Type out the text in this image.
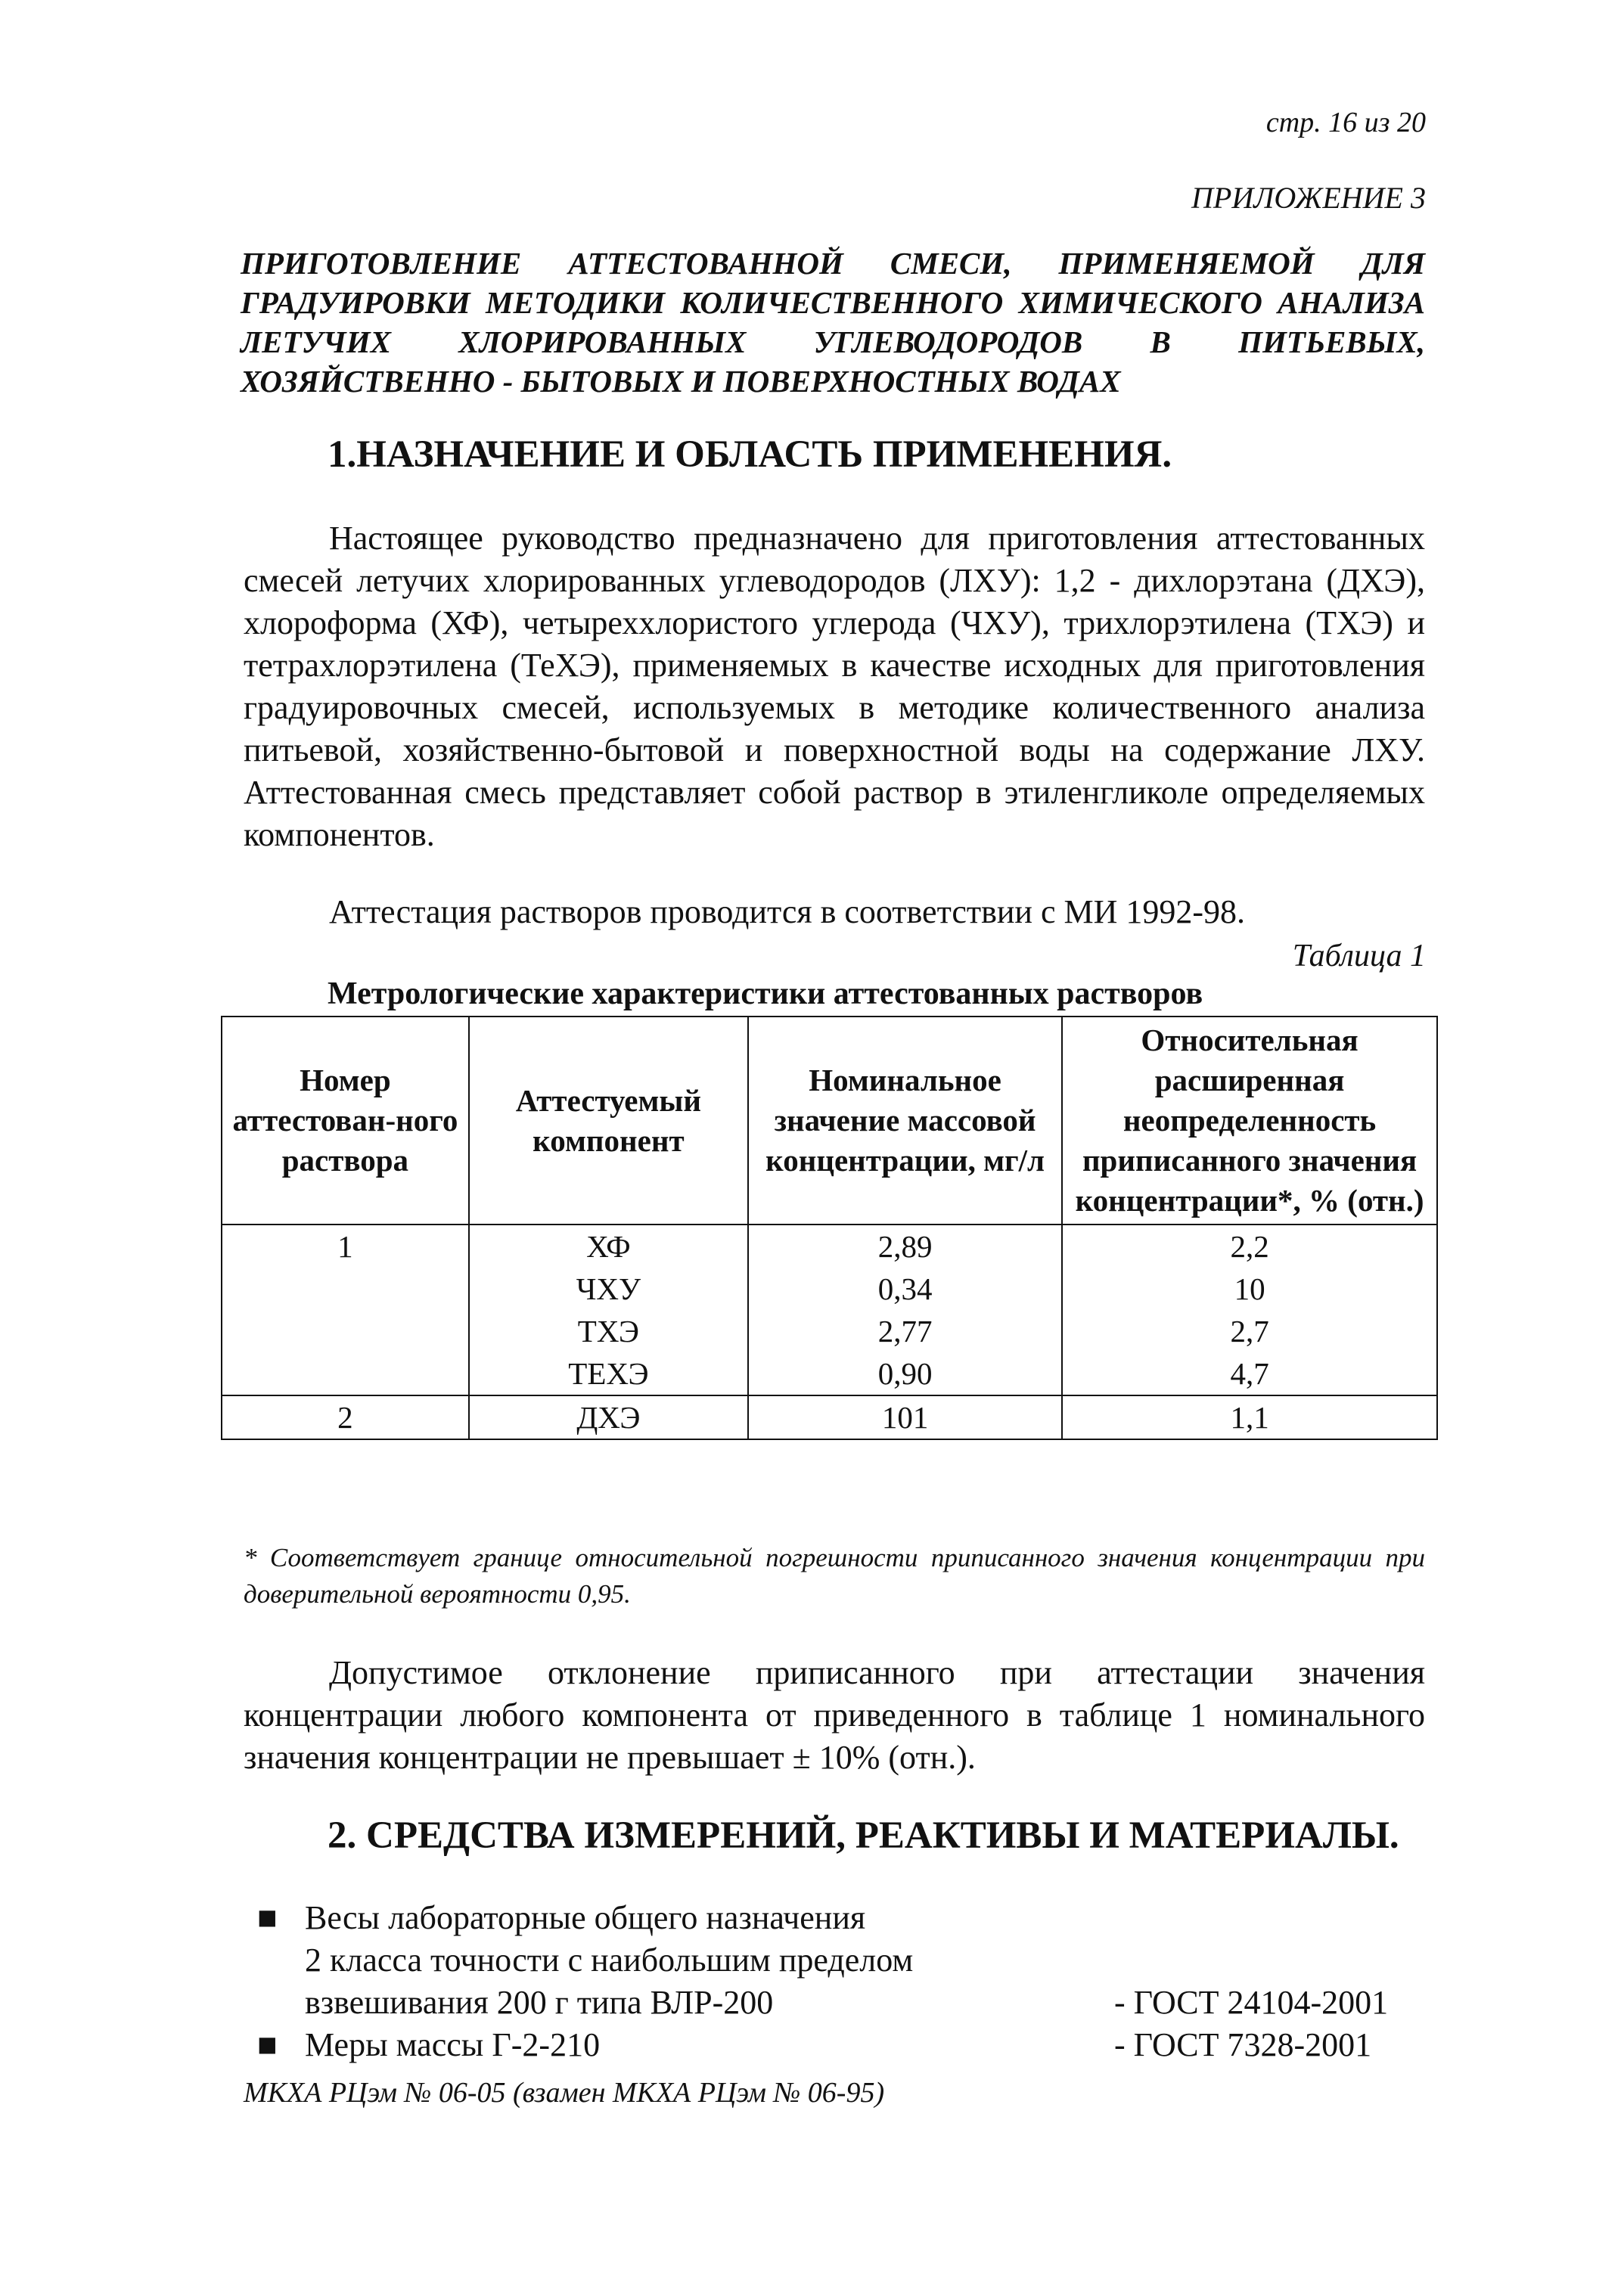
стр. 16 из 20
ПРИЛОЖЕНИЕ 3
ПРИГОТОВЛЕНИЕ АТТЕСТОВАННОЙ СМЕСИ, ПРИМЕНЯЕМОЙ ДЛЯ
ГРАДУИРОВКИ МЕТОДИКИ КОЛИЧЕСТВЕННОГО ХИМИЧЕСКОГО АНАЛИЗА
ЛЕТУЧИХ ХЛОРИРОВАННЫХ УГЛЕВОДОРОДОВ В ПИТЬЕВЫХ,
ХОЗЯЙСТВЕННО - БЫТОВЫХ И ПОВЕРХНОСТНЫХ ВОДАХ
1.НАЗНАЧЕНИЕ И ОБЛАСТЬ ПРИМЕНЕНИЯ.

Настоящее руководство предназначено для приготовления аттестованных смесей летучих хлорированных углеводородов (ЛХУ): 1,2 - дихлорэтана (ДХЭ), хлороформа (ХФ), четыреххлористого углерода (ЧХУ), трихлорэтилена (ТХЭ) и тетрахлорэтилена (ТеХЭ), применяемых в качестве исходных для приготовления градуировочных смесей, используемых в методике количественного анализа питьевой, хозяйственно-бытовой и поверхностной воды на содержание ЛХУ. Аттестованная смесь представляет собой раствор в этиленгликоле определяемых компонентов.

Аттестация растворов проводится в соответствии с МИ 1992-98.

Таблица 1
Метрологические характеристики аттестованных растворов
Номер аттестован-ного раствора	Аттестуемый компонент	Номинальное значение массовой концентрации, мг/л	Относительная расширенная неопределенность приписанного значения концентрации*, % (отн.)
1	ХФ	2,89	2,2
	ЧХУ	0,34	10
	ТХЭ	2,77	2,7
	ТЕХЭ	0,90	4,7
2	ДХЭ	101	1,1
* Соответствует границе относительной погрешности приписанного значения концентрации при доверительной вероятности 0,95.

Допустимое отклонение приписанного при аттестации значения концентрации любого компонента от приведенного в таблице 1 номинального значения концентрации не превышает ± 10% (отн.).

2. СРЕДСТВА ИЗМЕРЕНИЙ, РЕАКТИВЫ И МАТЕРИАЛЫ.
■ Весы лабораторные общего назначения
2 класса точности с наибольшим пределом
взвешивания 200 г типа ВЛР-200	- ГОСТ 24104-2001
■ Меры массы Г-2-210	- ГОСТ 7328-2001
МКХА РЦэм № 06-05 (взамен МКХА РЦэм № 06-95)
